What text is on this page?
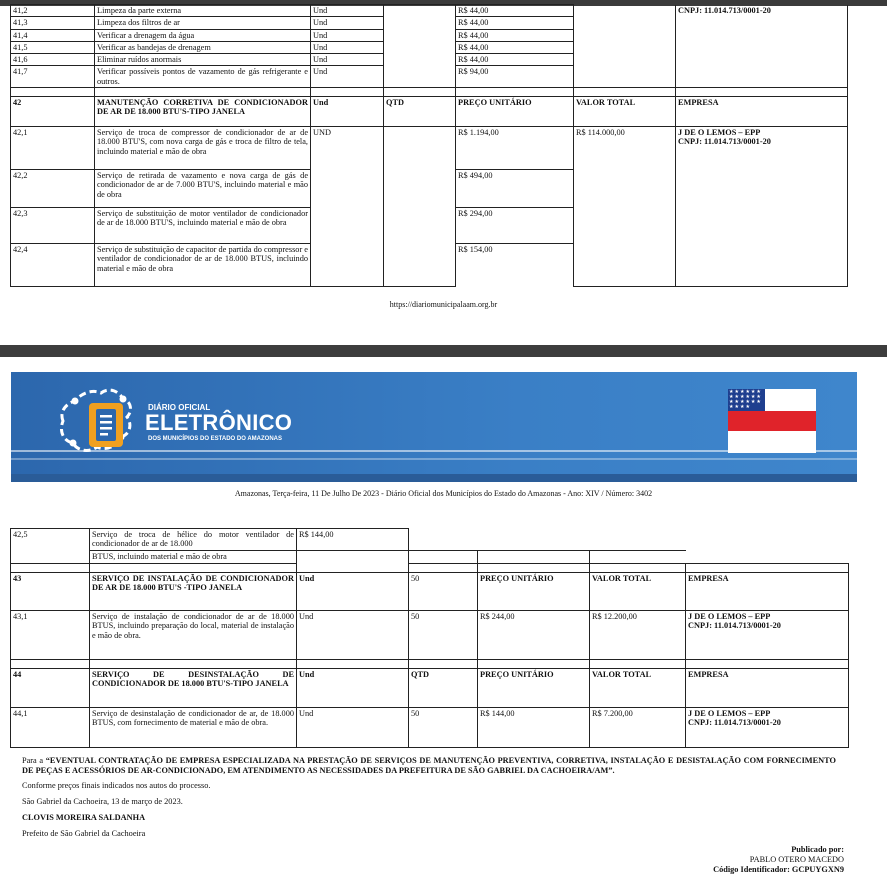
41,2	Limpeza da parte externa	Und		R$ 44,00		CNPJ: 11.014.713/0001-20
41,3	Limpeza dos filtros de ar	Und		R$ 44,00		
41,4	Verificar a drenagem da água	Und		R$ 44,00		
41,5	Verificar as bandejas de drenagem	Und		R$ 44,00		
41,6	Eliminar ruídos anormais	Und		R$ 44,00		
41,7	Verificar possíveis pontos de vazamento de gás refrigerante e outros.	Und		R$ 94,00		

42	MANUTENÇÃO CORRETIVA DE CONDICIONADOR DE AR DE 18.000 BTU'S-TIPO JANELA	Und	QTD	PREÇO UNITÁRIO	VALOR TOTAL	EMPRESA
42,1	Serviço de troca de compressor de condicionador de ar de 18.000 BTU'S, com nova carga de gás e troca de filtro de tela, incluindo material e mão de obra	UND		R$ 1.194,00	R$ 114.000,00	J DE O LEMOS – EPP
CNPJ: 11.014.713/0001-20

42,2	Serviço de retirada de vazamento e nova carga de gás de condicionador de ar de 7.000 BTU'S, incluindo material e mão de obra			R$ 494,00		
42,3	Serviço de substituição de motor ventilador de condicionador de ar de 18.000 BTU'S, incluindo material e mão de obra			R$ 294,00		
42,4	Serviço de substituição de capacitor de partida do compressor e ventilador de condicionador de ar de 18.000 BTUS, incluindo material e mão de obra			R$ 154,00		
https://diariomunicipalaam.org.br
DIÁRIO OFICIAL
ELETRÔNICO
DOS MUNICÍPIOS DO ESTADO DO AMAZONAS
★★★★★★ ★★★★★★ ★★★★★★ ★★★★
Amazonas, Terça-feira, 11 De Julho De 2023 - Diário Oficial dos Municípios do Estado do Amazonas - Ano: XIV / Número: 3402
42,5	Serviço de troca de hélice do motor ventilador de condicionador de ar de 18.000	R$ 144,00				
	BTUS, incluindo material e mão de obra					

43	SERVIÇO DE INSTALAÇÃO DE CONDICIONADOR DE AR DE 18.000 BTU'S -TIPO JANELA	Und	50	PREÇO UNITÁRIO	VALOR TOTAL	EMPRESA
43,1	Serviço de instalação de condicionador de ar de 18.000 BTUS, incluindo preparação do local, material de instalação e mão de obra.	Und	50	R$ 244,00	R$ 12.200,00	J DE O LEMOS – EPP
CNPJ: 11.014.713/0001-20

44	SERVIÇO DE DESINSTALAÇÃO DE CONDICIONADOR DE 18.000 BTU'S-TIPO JANELA	Und	QTD	PREÇO UNITÁRIO	VALOR TOTAL	EMPRESA
44,1	Serviço de desinstalação de condicionador de ar, de 18.000 BTUS, com fornecimento de material e mão de obra.	Und	50	R$ 144,00	R$ 7.200,00	J DE O LEMOS – EPP
CNPJ: 11.014.713/0001-20
Para a “EVENTUAL CONTRATAÇÃO DE EMPRESA ESPECIALIZADA NA PRESTAÇÃO DE SERVIÇOS DE MANUTENÇÃO PREVENTIVA, CORRETIVA, INSTALAÇÃO E DESISTALAÇÃO COM FORNECIMENTO DE PEÇAS E ACESSÓRIOS DE AR-CONDICIONADO, EM ATENDIMENTO AS NECESSIDADES DA PREFEITURA DE SÃO GABRIEL DA CACHOEIRA/AM”.
Conforme preços finais indicados nos autos do processo.
São Gabriel da Cachoeira, 13 de março de 2023.
CLOVIS MOREIRA SALDANHA
Prefeito de São Gabriel da Cachoeira
Publicado por:
PABLO OTERO MACEDO
Código Identificador: GCPUYGXN9
